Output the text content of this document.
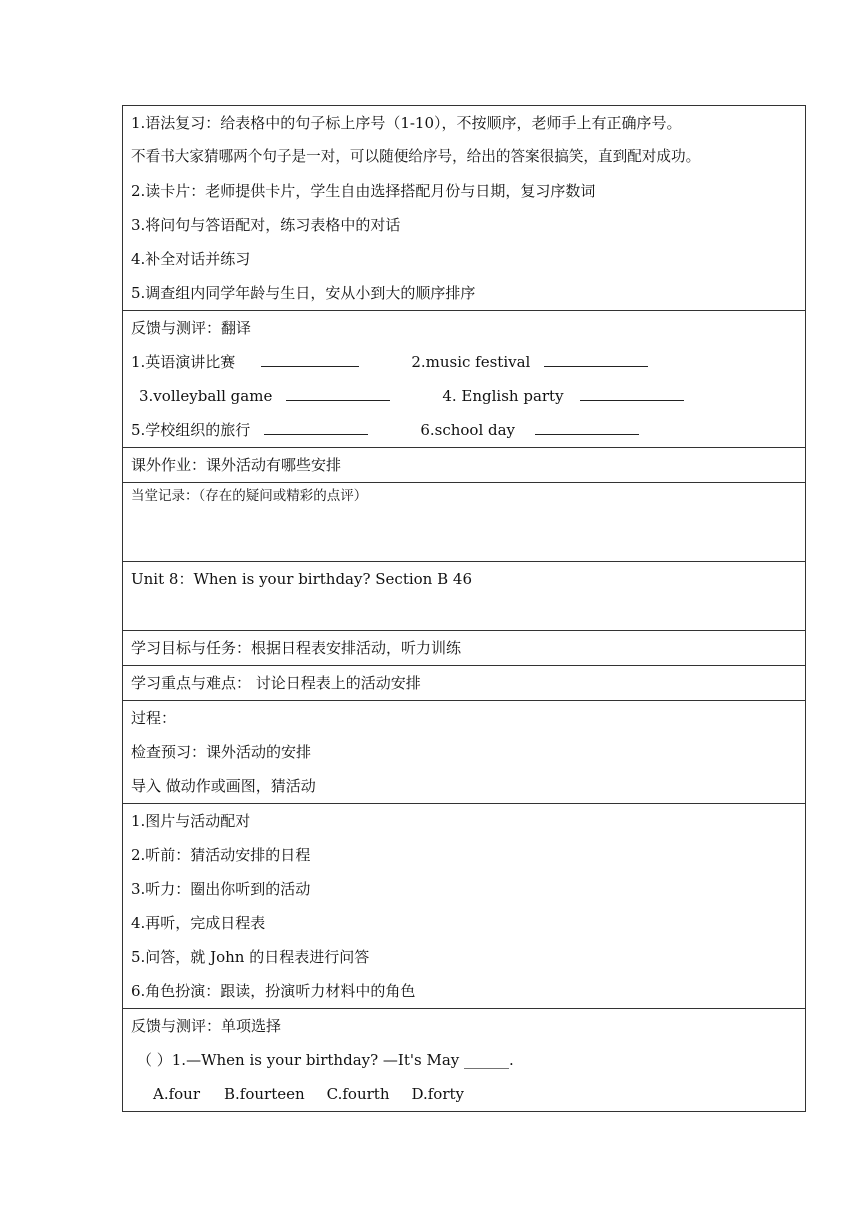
1.语法复习：给表格中的句子标上序号（1-10），不按顺序，老师手上有正确序号。
不看书大家猜哪两个句子是一对，可以随便给序号，给出的答案很搞笑，直到配对成功。
2.读卡片：老师提供卡片，学生自由选择搭配月份与日期，复习序数词
3.将问句与答语配对，练习表格中的对话
4.补全对话并练习
5.调查组内同学年龄与生日，安从小到大的顺序排序

反馈与测评：翻译
1.英语演讲比赛	2.music festival
3.volleyball game	4. English party
5.学校组织的旅行	6.school day

课外作业：课外活动有哪些安排

当堂记录：（存在的疑问或精彩的点评）

Unit 8：When is your birthday? Section B 46

学习目标与任务：根据日程表安排活动，听力训练

学习重点与难点： 讨论日程表上的活动安排

过程：
检查预习：课外活动的安排
导入 做动作或画图，猜活动

1.图片与活动配对
2.听前：猜活动安排的日程
3.听力：圈出你听到的活动
4.再听，完成日程表
5.问答，就 John 的日程表进行问答
6.角色扮演：跟读，扮演听力材料中的角色

反馈与测评：单项选择
（ ）1.—When is your birthday? —It's May ______.
A.four B.fourteen C.fourth D.forty
